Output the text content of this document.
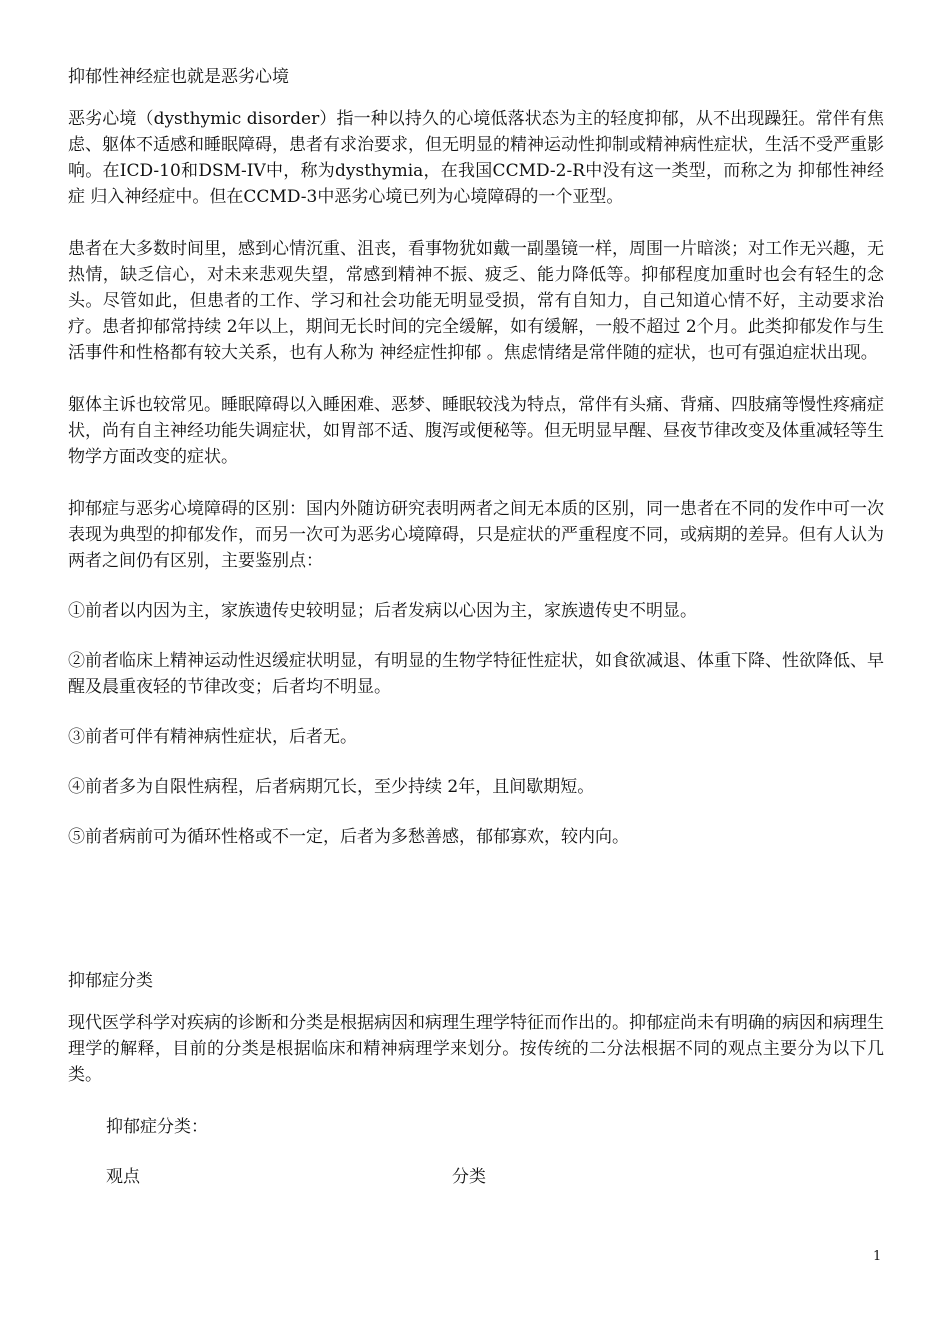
抑郁性神经症也就是恶劣心境

恶劣心境（dysthymic disorder）指一种以持久的心境低落状态为主的轻度抑郁，从不出现躁狂。常伴有焦虑、躯体不适感和睡眠障碍，患者有求治要求，但无明显的精神运动性抑制或精神病性症状，生活不受严重影响。在ICD-10和DSM-IV中，称为dysthymia，在我国CCMD-2-R中没有这一类型，而称之为 抑郁性神经症 归入神经症中。但在CCMD-3中恶劣心境已列为心境障碍的一个亚型。

患者在大多数时间里，感到心情沉重、沮丧，看事物犹如戴一副墨镜一样，周围一片暗淡；对工作无兴趣，无热情，缺乏信心，对未来悲观失望，常感到精神不振、疲乏、能力降低等。抑郁程度加重时也会有轻生的念头。尽管如此，但患者的工作、学习和社会功能无明显受损，常有自知力，自己知道心情不好，主动要求治疗。患者抑郁常持续 2年以上，期间无长时间的完全缓解，如有缓解，一般不超过 2个月。此类抑郁发作与生活事件和性格都有较大关系，也有人称为 神经症性抑郁 。焦虑情绪是常伴随的症状，也可有强迫症状出现。

躯体主诉也较常见。睡眠障碍以入睡困难、恶梦、睡眠较浅为特点，常伴有头痛、背痛、四肢痛等慢性疼痛症状，尚有自主神经功能失调症状，如胃部不适、腹泻或便秘等。但无明显早醒、昼夜节律改变及体重减轻等生物学方面改变的症状。

抑郁症与恶劣心境障碍的区别：国内外随访研究表明两者之间无本质的区别，同一患者在不同的发作中可一次表现为典型的抑郁发作，而另一次可为恶劣心境障碍，只是症状的严重程度不同，或病期的差异。但有人认为两者之间仍有区别，主要鉴别点：

①前者以内因为主，家族遗传史较明显；后者发病以心因为主，家族遗传史不明显。

②前者临床上精神运动性迟缓症状明显，有明显的生物学特征性症状，如食欲减退、体重下降、性欲降低、早醒及晨重夜轻的节律改变；后者均不明显。

③前者可伴有精神病性症状，后者无。

④前者多为自限性病程，后者病期冗长，至少持续 2年，且间歇期短。

⑤前者病前可为循环性格或不一定，后者为多愁善感，郁郁寡欢，较内向。

抑郁症分类

现代医学科学对疾病的诊断和分类是根据病因和病理生理学特征而作出的。抑郁症尚未有明确的病因和病理生理学的解释，目前的分类是根据临床和精神病理学来划分。按传统的二分法根据不同的观点主要分为以下几类。

抑郁症分类：

观点	分类
1
